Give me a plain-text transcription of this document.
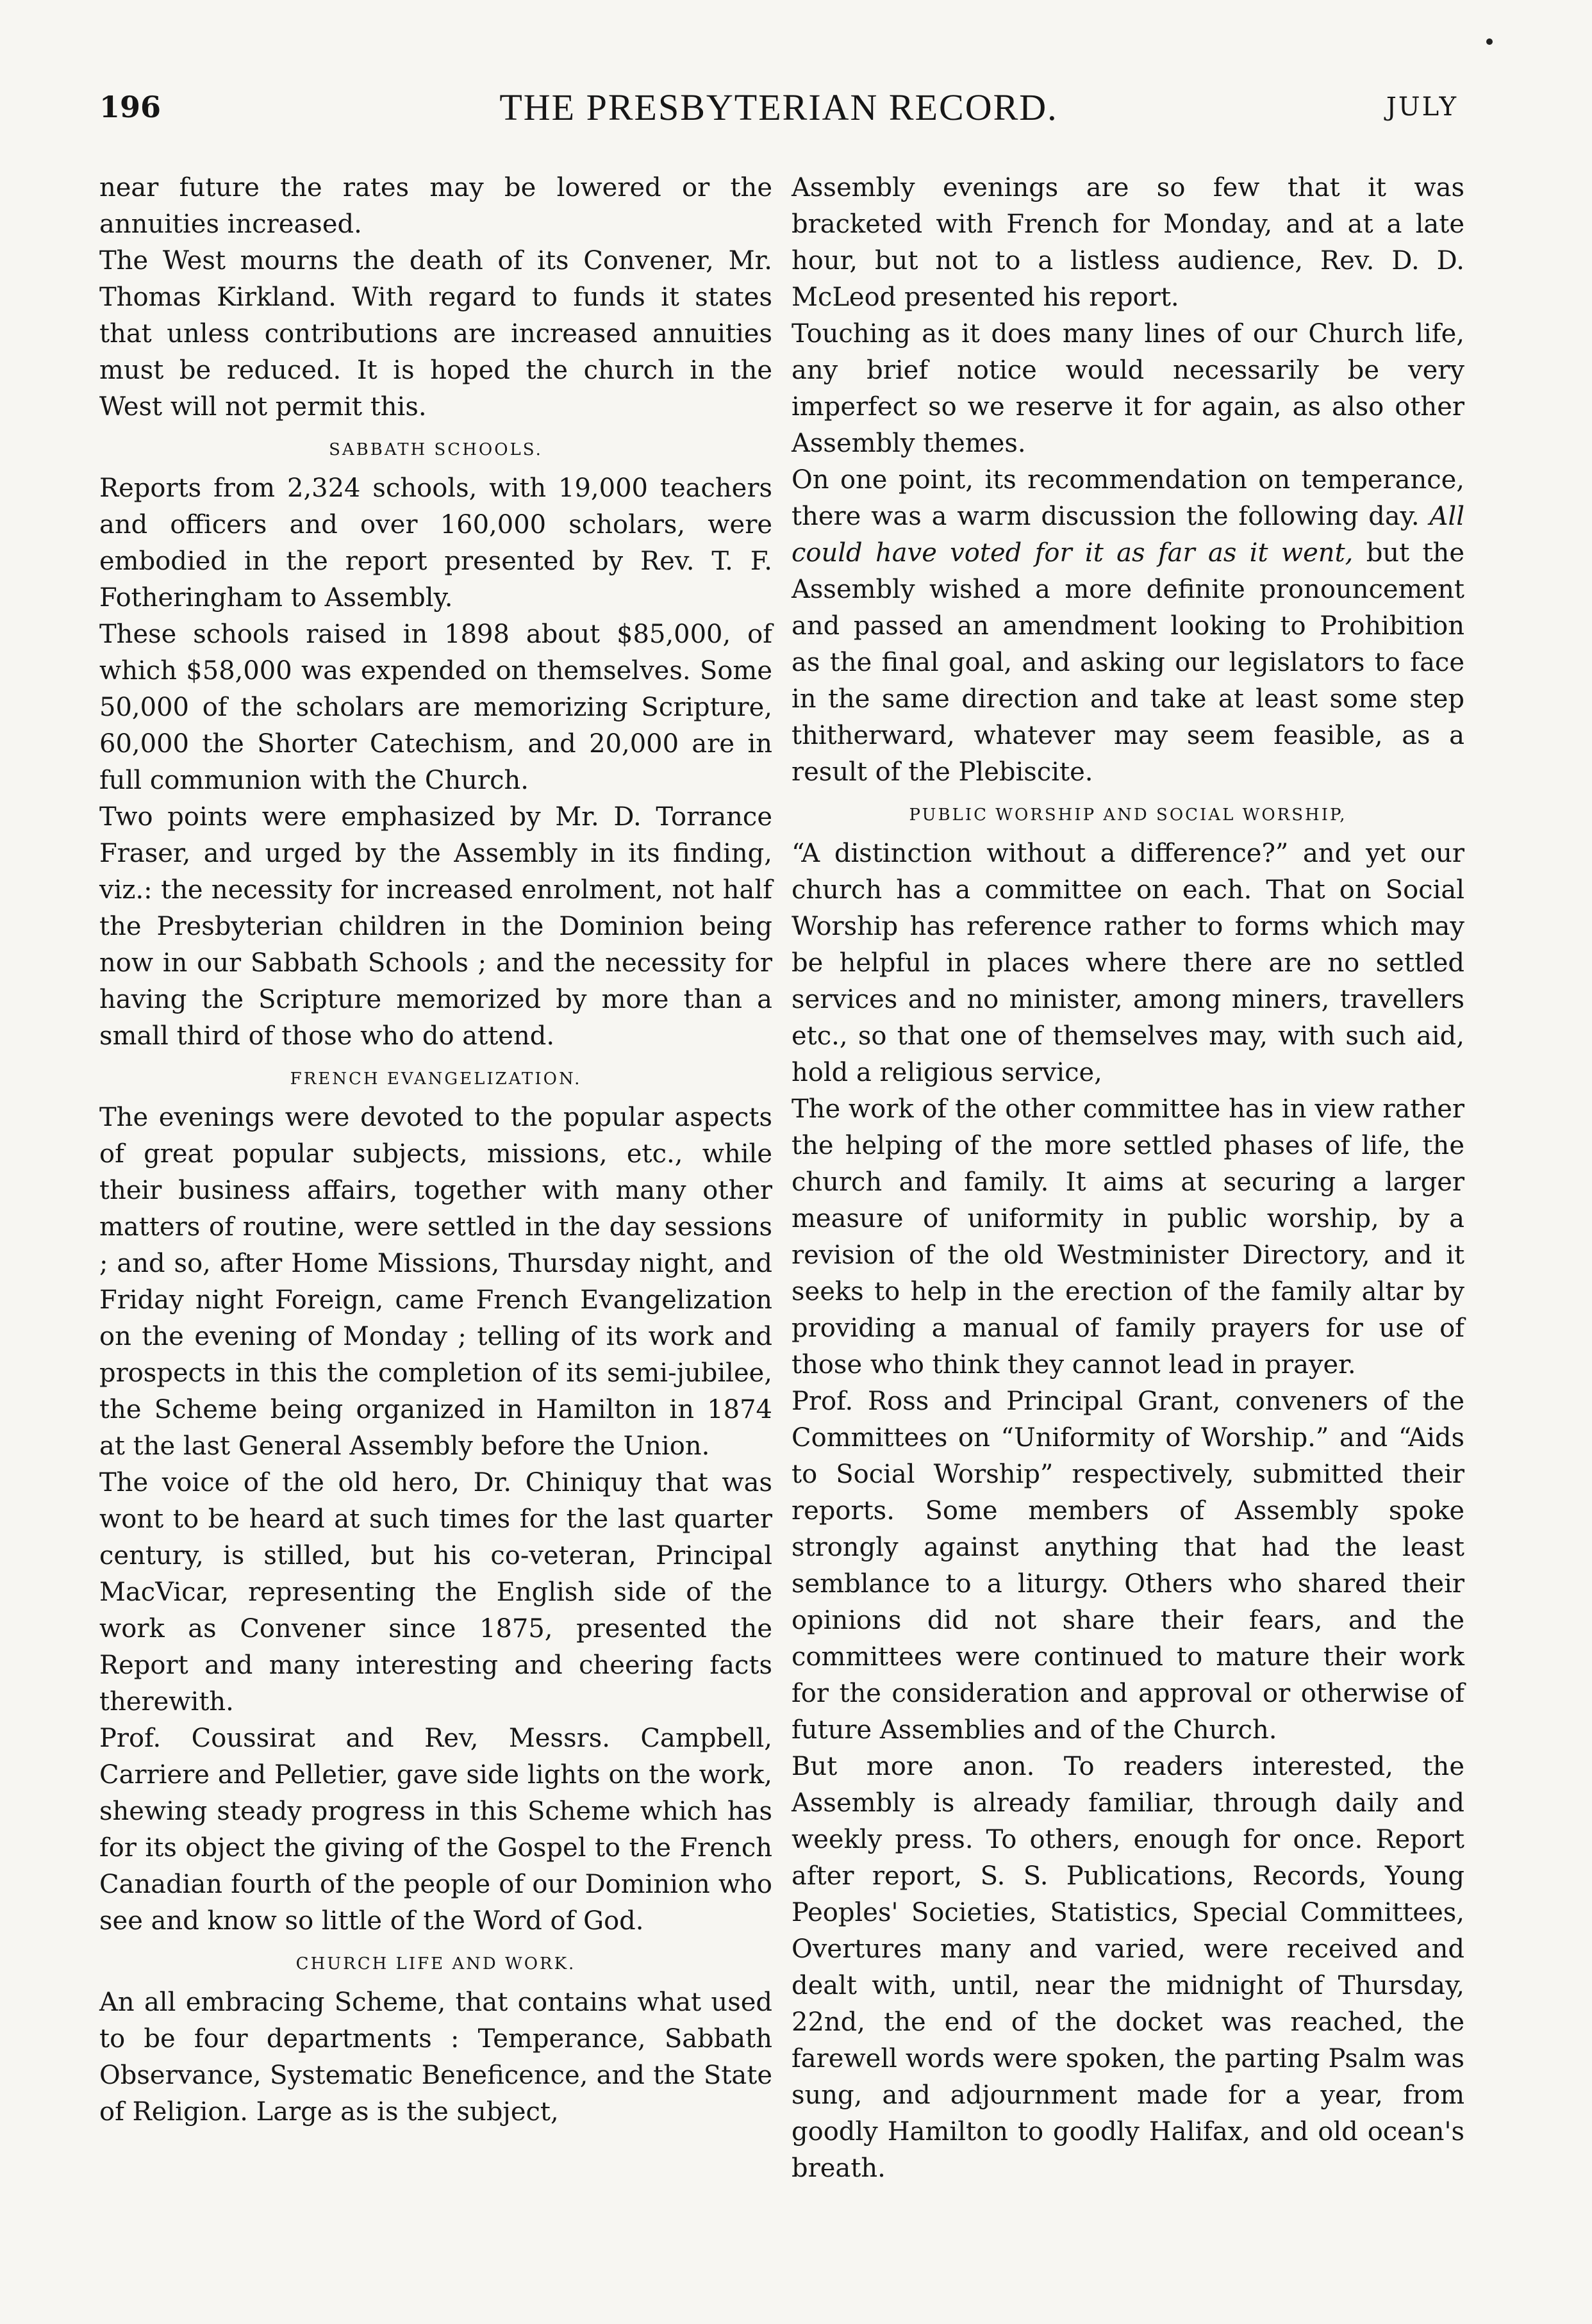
196	THE PRESBYTERIAN RECORD.	JULY

near future the rates may be lowered or the annuities increased.

The West mourns the death of its Convener, Mr. Thomas Kirkland. With regard to funds it states that unless contributions are increased annuities must be reduced. It is hoped the church in the West will not permit this.

SABBATH SCHOOLS.

Reports from 2,324 schools, with 19,000 teachers and officers and over 160,000 scholars, were embodied in the report presented by Rev. T. F. Fotheringham to Assembly.

These schools raised in 1898 about $85,000, of which $58,000 was expended on themselves. Some 50,000 of the scholars are memorizing Scripture, 60,000 the Shorter Catechism, and 20,000 are in full communion with the Church.

Two points were emphasized by Mr. D. Torrance Fraser, and urged by the Assembly in its finding, viz.: the necessity for increased enrolment, not half the Presbyterian children in the Dominion being now in our Sabbath Schools ; and the necessity for having the Scripture memorized by more than a small third of those who do attend.

FRENCH EVANGELIZATION.

The evenings were devoted to the popular aspects of great popular subjects, missions, etc., while their business affairs, together with many other matters of routine, were settled in the day sessions ; and so, after Home Missions, Thursday night, and Friday night Foreign, came French Evangelization on the evening of Monday ; telling of its work and prospects in this the completion of its semi-jubilee, the Scheme being organized in Hamilton in 1874 at the last General Assembly before the Union.

The voice of the old hero, Dr. Chiniquy that was wont to be heard at such times for the last quarter century, is stilled, but his co-veteran, Principal MacVicar, representing the English side of the work as Convener since 1875, presented the Report and many interesting and cheering facts therewith.

Prof. Coussirat and Rev, Messrs. Campbell, Carriere and Pelletier, gave side lights on the work, shewing steady progress in this Scheme which has for its object the giving of the Gospel to the French Canadian fourth of the people of our Dominion who see and know so little of the Word of God.

CHURCH LIFE AND WORK.

An all embracing Scheme, that contains what used to be four departments : Temperance, Sabbath Observance, Systematic Beneficence, and the State of Religion. Large as is the subject,

Assembly evenings are so few that it was bracketed with French for Monday, and at a late hour, but not to a listless audience, Rev. D. D. McLeod presented his report.

Touching as it does many lines of our Church life, any brief notice would necessarily be very imperfect so we reserve it for again, as also other Assembly themes.

On one point, its recommendation on temperance, there was a warm discussion the following day. All could have voted for it as far as it went, but the Assembly wished a more definite pronouncement and passed an amendment looking to Prohibition as the final goal, and asking our legislators to face in the same direction and take at least some step thitherward, whatever may seem feasible, as a result of the Plebiscite.

PUBLIC WORSHIP AND SOCIAL WORSHIP,

“A distinction without a difference?” and yet our church has a committee on each. That on Social Worship has reference rather to forms which may be helpful in places where there are no settled services and no minister, among miners, travellers etc., so that one of themselves may, with such aid, hold a religious service,

The work of the other committee has in view rather the helping of the more settled phases of life, the church and family. It aims at securing a larger measure of uniformity in public worship, by a revision of the old Westminister Directory, and it seeks to help in the erection of the family altar by providing a manual of family prayers for use of those who think they cannot lead in prayer.

Prof. Ross and Principal Grant, conveners of the Committees on “Uniformity of Worship.” and “Aids to Social Worship” respectively, submitted their reports. Some members of Assembly spoke strongly against anything that had the least semblance to a liturgy. Others who shared their opinions did not share their fears, and the committees were continued to mature their work for the consideration and approval or otherwise of future Assemblies and of the Church.

But more anon. To readers interested, the Assembly is already familiar, through daily and weekly press. To others, enough for once. Report after report, S. S. Publications, Records, Young Peoples' Societies, Statistics, Special Committees, Overtures many and varied, were received and dealt with, until, near the midnight of Thursday, 22nd, the end of the docket was reached, the farewell words were spoken, the parting Psalm was sung, and adjournment made for a year, from goodly Hamilton to goodly Halifax, and old ocean's breath.
